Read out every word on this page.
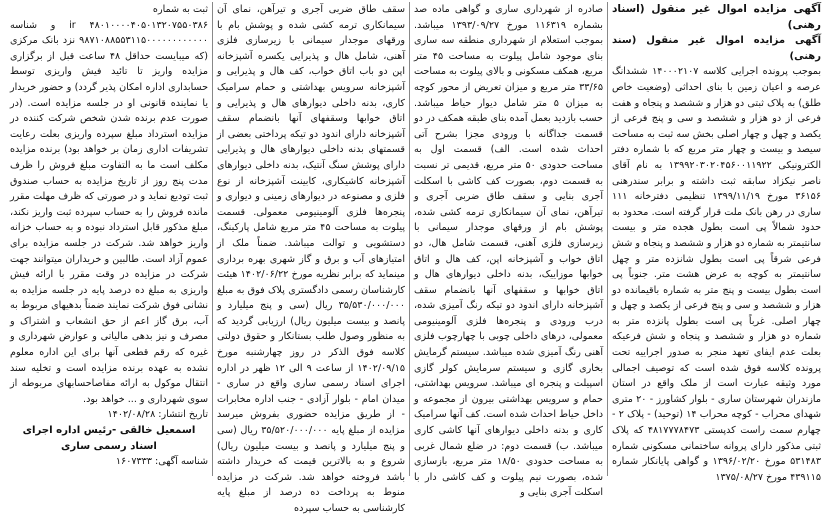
آگهی مزایده اموال غیر منقول (اسناد رهنی)
آگهی مزایده اموال غیر منقول (سند رهنی)
بموجب پرونده اجرایی کلاسه ۱۴۰۰۰۲۱۰۷ ششدانگ عرصه و اعیان زمین با بنای احداثی (وضعیت خاص طلق) به پلاک ثبتی دو هزار و ششصد و پنجاه و هفت فرعی از دو هزار و ششصد و سی و پنج فرعی از یکصد و چهل و چهار اصلی بخش سه ثبت به مساحت سیصد و بیست و چهار متر مربع که با شماره دفتر الکترونیکی ۱۳۹۹۲۰۳۰۲۰۴۵۶۰۰۱۱۹۲۲ به نام آقای ناصر نیکزاد سابقه ثبت داشته و برابر سندرهنی ۳۶۱۵۶ مورخ ۱۳۹۹/۱۱/۱۹ تنظیمی دفترخانه ۱۱۱ ساری در رهن بانک ملت قرار گرفته است. محدود به حدود شمالاً پی است بطول هجده متر و بیست سانتیمتر به شماره دو هزار و ششصد و پنجاه و شش فرعی شرقاً پی است بطول شانزده متر و چهل سانتیمتر به کوچه به عرض هشت متر. جنوباً پی است بطول بیست و پنج متر به شماره باقیمانده دو هزار و ششصد و سی و پنج فرعی از یکصد و چهل و چهار اصلی. غرباً پی است بطول پانزده متر به شماره دو هزار و ششصد و پنجاه و شش فرعیکه بعلت عدم ایفای تعهد منجر به صدور اجراییه تحت پرونده کلاسه فوق شده است که توصیف اجمالی مورد وثیقه عبارت است از ملک واقع در استان مازندران شهرستان ساری - بلوار کشاورز - ۲۰ متری شهدای محراب - کوچه محراب ۱۴ (توحید) - پلاک ۲ - چهارم سمت راست کدپستی ۴۸۱۷۷۷۸۴۷۳ که پلاک ثبتی مذکور دارای پروانه ساختمانی مسکونی شماره ۵۳۱۴۸۳ مورخ ۱۳۹۶/۰۲/۲۰ و گواهی پایانکار شماره ۴۳۹۱۱۵ مورخ ۱۳۷۵/۰۸/۲۷
صادره از شهرداری ساری و گواهی ماده صد بشماره ۱۱۶۳۱۹ مورخ ۱۳۹۳/۰۹/۲۷ میباشد. بموجب استعلام از شهرداری منطقه سه ساری بنای موجود شامل پیلوت به مساحت ۴۵ متر مربع، همکف مسکونی و بالای پیلوت به مساحت ۳۳/۶۵ متر مربع و میزان تعریض از محور کوچه به میزان ۵ متر شامل دیوار حیاط میباشد. حسب بازدید بعمل آمده بنای طبقه همکف در دو قسمت جداگانه با ورودی مجزا بشرح آتی احداث شده است. الف) قسمت اول به مساحت حدودی ۵۰ متر مربع، قدیمی تر نسبت به قسمت دوم، بصورت کف کاشی با اسکلت آجری بنایی و سقف طاق ضربی آجری و تیرآهن، نمای آن سیمانکاری ترمه کشی شده، پوشش بام از ورقهای موجدار سیمانی با زیرسازی فلزی آهنی، قسمت شامل هال، دو اتاق خواب و آشپزخانه اپن، کف هال و اتاق خوابها موزاییک، بدنه داخلی دیوارهای هال و اتاق خوابها و سقفهای آنها بانضمام سقف آشپزخانه دارای اندود دو تیکه رنگ آمیزی شده، درب ورودی و پنجره‌ها فلزی آلومینیومی معمولی، درهای داخلی چوبی با چهارچوب فلزی آهنی رنگ آمیزی شده میباشد. سیستم گرمایش بخاری گازی و سیستم سرمایش کولر گازی اسپیلت و پنجره ای میباشد. سرویس بهداشتی، حمام و سرویس بهداشتی بیرون از مجموعه و داخل حیاط احداث شده است. کف آنها سرامیک کاری و بدنه داخلی دیوارهای آنها کاشی کاری میباشد. ب) قسمت دوم: در ضلع شمال غربی به مساحت حدودی ۱۸/۵۰ متر مربع، بازسازی شده، بصورت نیم پیلوت و کف کاشی دار با اسکلت آجری بنایی و
سقف طاق ضربی آجری و تیرآهن، نمای آن سیمانکاری ترمه کشی شده و پوشش بام با ورقهای موجدار سیمانی با زیرسازی فلزی آهنی، شامل هال و پذیرایی یکسره آشپزخانه اپن دو باب اتاق خواب، کف هال و پذیرایی و آشپزخانه سرویس بهداشتی و حمام سرامیک کاری، بدنه داخلی دیوارهای هال و پذیرایی و اتاق خوابها وسقفهای آنها بانضمام سقف آشپزخانه دارای اندود دو تیکه پرداختی بعضی از قسمتهای بدنه داخلی دیوارهای هال و پذیرایی دارای پوشش سنگ آنتیک، بدنه داخلی دیوارهای آشپزخانه کاشیکاری، کابینت آشپزخانه از نوع فلزی و مصنوعه در دیوارهای زمینی و دیواری و پنجره‌ها فلزی آلومینیومی معمولی. قسمت پیلوت به مساحت ۴۵ متر مربع شامل پارکینگ، دستشویی و توالت میباشد. ضمناً ملک از امتیازهای آب و برق و گاز شهری بهره برداری مینماید که برابر نظریه مورخ ۱۴۰۲/۰۶/۲۲ هیئت کارشناسان رسمی دادگستری پلاک فوق به مبلغ ۳۵/۵۳۰/۰۰۰/۰۰۰ ریال (سی و پنج میلیارد و پانصد و بیست میلیون ریال) ارزیابی گردید که به منظور وصول طلب بستانکار و حقوق دولتی کلاسه فوق الذکر در روز چهارشنبه مورخ ۱۴۰۲/۰۹/۱۵ از ساعت ۹ الی ۱۲ ظهر در اداره اجرای اسناد رسمی ساری واقع در ساری - میدان امام - بلوار آزادی - جنب اداره مخابرات - از طریق مزایده حضوری بفروش میرسد مزایده از مبلغ پایه ۳۵/۵۲۰/۰۰۰/۰۰۰ ریال (سی و پنج میلیارد و پانصد و بیست میلیون ریال) شروع و به بالاترین قیمت که خریدار داشته باشد فروخته خواهد شد. شرکت در مزایده منوط به پرداخت ده درصد از مبلغ پایه کارشناسی به حساب سپرده
ثبت به شماره
۴۸۰۱۰۰۰۰۴۰۵۰۱۳۲۰۷۵۵۰۳۸۶ ir و شناسه ۹۸۷۱۰۸۸۵۵۳۱۱۵۰۰۰۰۰۰۰۰۰۰۰۰ نزد بانک مرکزی (که میبایست حداقل ۴۸ ساعت قبل از برگزاری مزایده واریز تا تائید فیش واریزی توسط حسابداری اداره امکان پذیر گردد) و حضور خریدار یا نماینده قانونی او در جلسه مزایده است. (در صورت عدم برنده شدن شخص شرکت کننده در مزایده استرداد مبلغ سپرده واریزی بعلت رعایت تشریفات اداری زمان بر خواهد بود) برنده مزایده مکلف است ما به التفاوت مبلغ فروش را ظرف مدت پنج روز از تاریخ مزایده به حساب صندوق ثبت تودیع نماید و در صورتی که ظرف مهلت مقرر مانده فروش را به حساب سپرده ثبت واریز نکند، مبلغ مذکور قابل استرداد نبوده و به حساب خزانه واریز خواهد شد. شرکت در جلسه مزایده برای عموم آزاد است. طالبین و خریداران میتوانند جهت شرکت در مزایده در وقت مقرر با ارائه فیش واریزی به مبلغ ده درصد پایه در جلسه مزایده به نشانی فوق شرکت نمایند ضمناً بدهیهای مربوط به آب، برق گاز اعم از حق انشعاب و اشتراک و مصرف و نیز بدهی مالیاتی و عوارض شهرداری و غیره که رقم قطعی آنها برای این اداره معلوم نشده به عهده برنده مزایده است و تخلیه سند انتقال موکول به ارائه مفاصاحسابهای مربوطه از سوی شهرداری و ... خواهد بود.
تاریخ انتشار: ۱۴۰۲/۰۸/۲۸
اسمعیل خالقی -رئیس اداره اجرای اسناد رسمی ساری
شناسه آگهی: ۱۶۰۷۳۳۳
